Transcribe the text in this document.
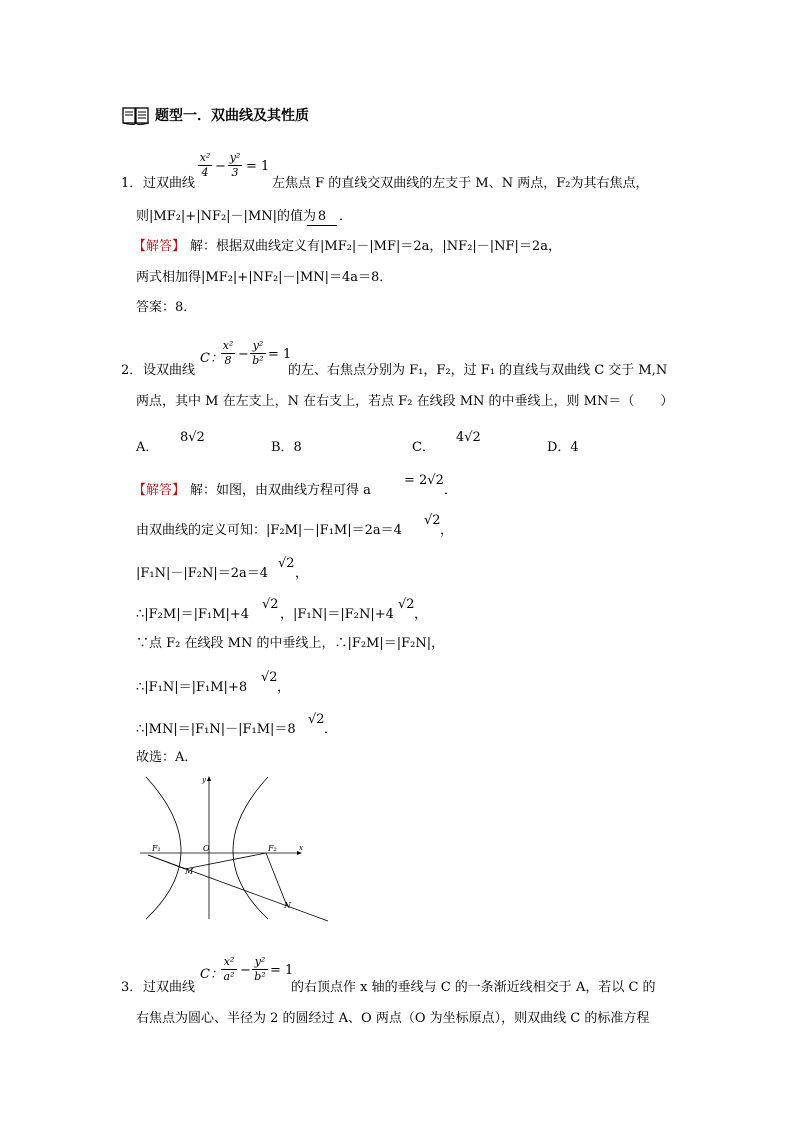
题型一．双曲线及其性质
1． 过双曲线
x²
4 −
y²
3 = 1
左焦点 F 的直线交双曲线的左支于 M、N 两点，F₂为其右焦点，
则|MF₂|+|NF₂|－|MN|的值为 8 ．
【解答】 解：根据双曲线定义有|MF₂|－|MF|＝2a，|NF₂|－|NF|＝2a，
两式相加得|MF₂|+|NF₂|－|MN|＝4a＝8．
答案：8．
2． 设双曲线
C：
x²
8 −
y²
b² = 1
的左、右焦点分别为 F₁，F₂，过 F₁ 的直线与双曲线 C 交于 M,N
两点，其中 M 在左支上，N 在右支上，若点 F₂ 在线段 MN 的中垂线上，则 MN＝（　　）
A．
8√2
B．8	C．
4√2
D．4
【解答】 解：如图，由双曲线方程可得 a
= 2√2
．
由双曲线的定义可知：|F₂M|－|F₁M|＝2a＝4
√2
，
|F₁N|－|F₂N|＝2a＝4
√2
，
∴|F₂M|＝|F₁M|+4
√2
，|F₁N|＝|F₂N|+4
√2
，
∵点 F₂ 在线段 MN 的中垂线上，∴|F₂M|＝|F₂N|，
∴|F₁N|＝|F₁M|+8
√2
，
∴|MN|＝|F₁N|－|F₁M|＝8
√2
．
故选：A．
y
x
O
F₁	F₂
M
N
3． 过双曲线
C：
x²
a² −
y²
b² = 1
的右顶点作 x 轴的垂线与 C 的一条渐近线相交于 A，若以 C 的
右焦点为圆心、半径为 2 的圆经过 A、O 两点（O 为坐标原点），则双曲线 C 的标准方程
